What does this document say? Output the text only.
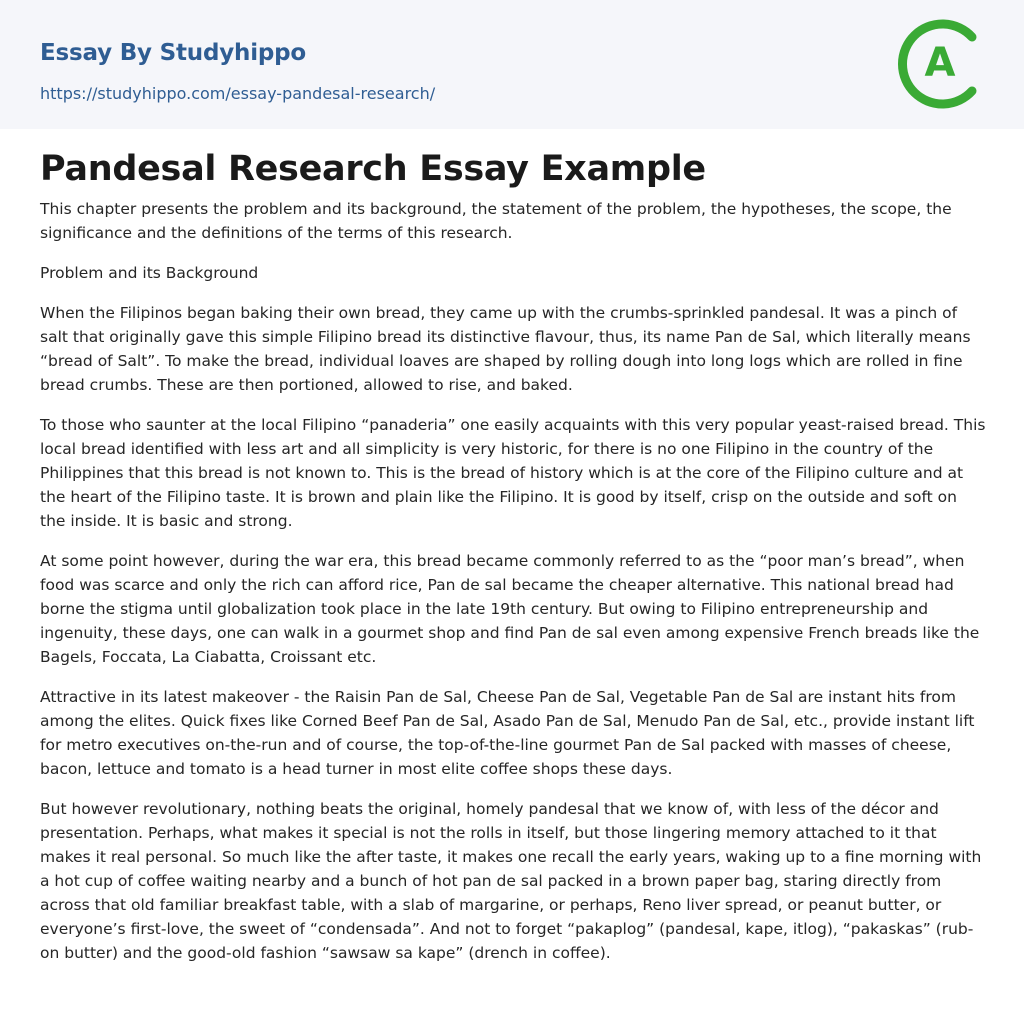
Essay By Studyhippo
https://studyhippo.com/essay-pandesal-research/
A
Pandesal Research Essay Example

This chapter presents the problem and its background, the statement of the problem, the hypotheses, the scope, the significance and the definitions of the terms of this research.

Problem and its Background

When the Filipinos began baking their own bread, they came up with the crumbs-sprinkled pandesal. It was a pinch of salt that originally gave this simple Filipino bread its distinctive flavour, thus, its name Pan de Sal, which literally means “bread of Salt”. To make the bread, individual loaves are shaped by rolling dough into long logs which are rolled in fine bread crumbs. These are then portioned, allowed to rise, and baked.

To those who saunter at the local Filipino “panaderia” one easily acquaints with this very popular yeast-raised bread. This local bread identified with less art and all simplicity is very historic, for there is no one Filipino in the country of the Philippines that this bread is not known to. This is the bread of history which is at the core of the Filipino culture and at the heart of the Filipino taste. It is brown and plain like the Filipino. It is good by itself, crisp on the outside and soft on the inside. It is basic and strong.

At some point however, during the war era, this bread became commonly referred to as the “poor man’s bread”, when food was scarce and only the rich can afford rice, Pan de sal became the cheaper alternative. This national bread had borne the stigma until globalization took place in the late 19th century. But owing to Filipino entrepreneurship and ingenuity, these days, one can walk in a gourmet shop and find Pan de sal even among expensive French breads like the Bagels, Foccata, La Ciabatta, Croissant etc.

Attractive in its latest makeover - the Raisin Pan de Sal, Cheese Pan de Sal, Vegetable Pan de Sal are instant hits from among the elites. Quick fixes like Corned Beef Pan de Sal, Asado Pan de Sal, Menudo Pan de Sal, etc., provide instant lift for metro executives on-the-run and of course, the top-of-the-line gourmet Pan de Sal packed with masses of cheese, bacon, lettuce and tomato is a head turner in most elite coffee shops these days.

But however revolutionary, nothing beats the original, homely pandesal that we know of, with less of the décor and presentation. Perhaps, what makes it special is not the rolls in itself, but those lingering memory attached to it that makes it real personal. So much like the after taste, it makes one recall the early years, waking up to a fine morning with a hot cup of coffee waiting nearby and a bunch of hot pan de sal packed in a brown paper bag, staring directly from across that old familiar breakfast table, with a slab of margarine, or perhaps, Reno liver spread, or peanut butter, or everyone’s first-love, the sweet of “condensada”. And not to forget “pakaplog” (pandesal, kape, itlog), “pakaskas” (rub-on butter) and the good-old fashion “sawsaw sa kape” (drench in coffee).
